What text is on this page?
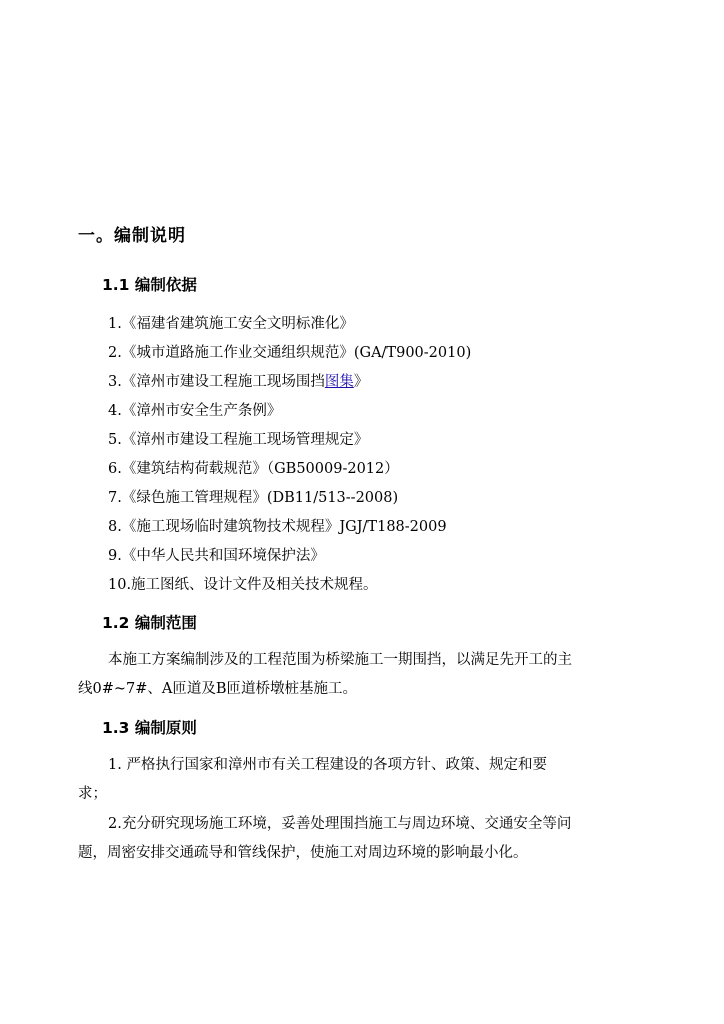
一。编制说明
1.1 编制依据
1.《福建省建筑施工安全文明标准化》
2.《城市道路施工作业交通组织规范》(GA/T900-2010)
3.《漳州市建设工程施工现场围挡图集》
4.《漳州市安全生产条例》
5.《漳州市建设工程施工现场管理规定》
6.《建筑结构荷载规范》（GB50009-2012）
7.《绿色施工管理规程》(DB11/513--2008)
8.《施工现场临时建筑物技术规程》JGJ/T188-2009
9.《中华人民共和国环境保护法》
10.施工图纸、设计文件及相关技术规程。
1.2 编制范围
本施工方案编制涉及的工程范围为桥梁施工一期围挡，以满足先开工的主
线0#~7#、A匝道及B匝道桥墩桩基施工。
1.3 编制原则
1. 严格执行国家和漳州市有关工程建设的各项方针、政策、规定和要
求；
2.充分研究现场施工环境，妥善处理围挡施工与周边环境、交通安全等问
题，周密安排交通疏导和管线保护，使施工对周边环境的影响最小化。
